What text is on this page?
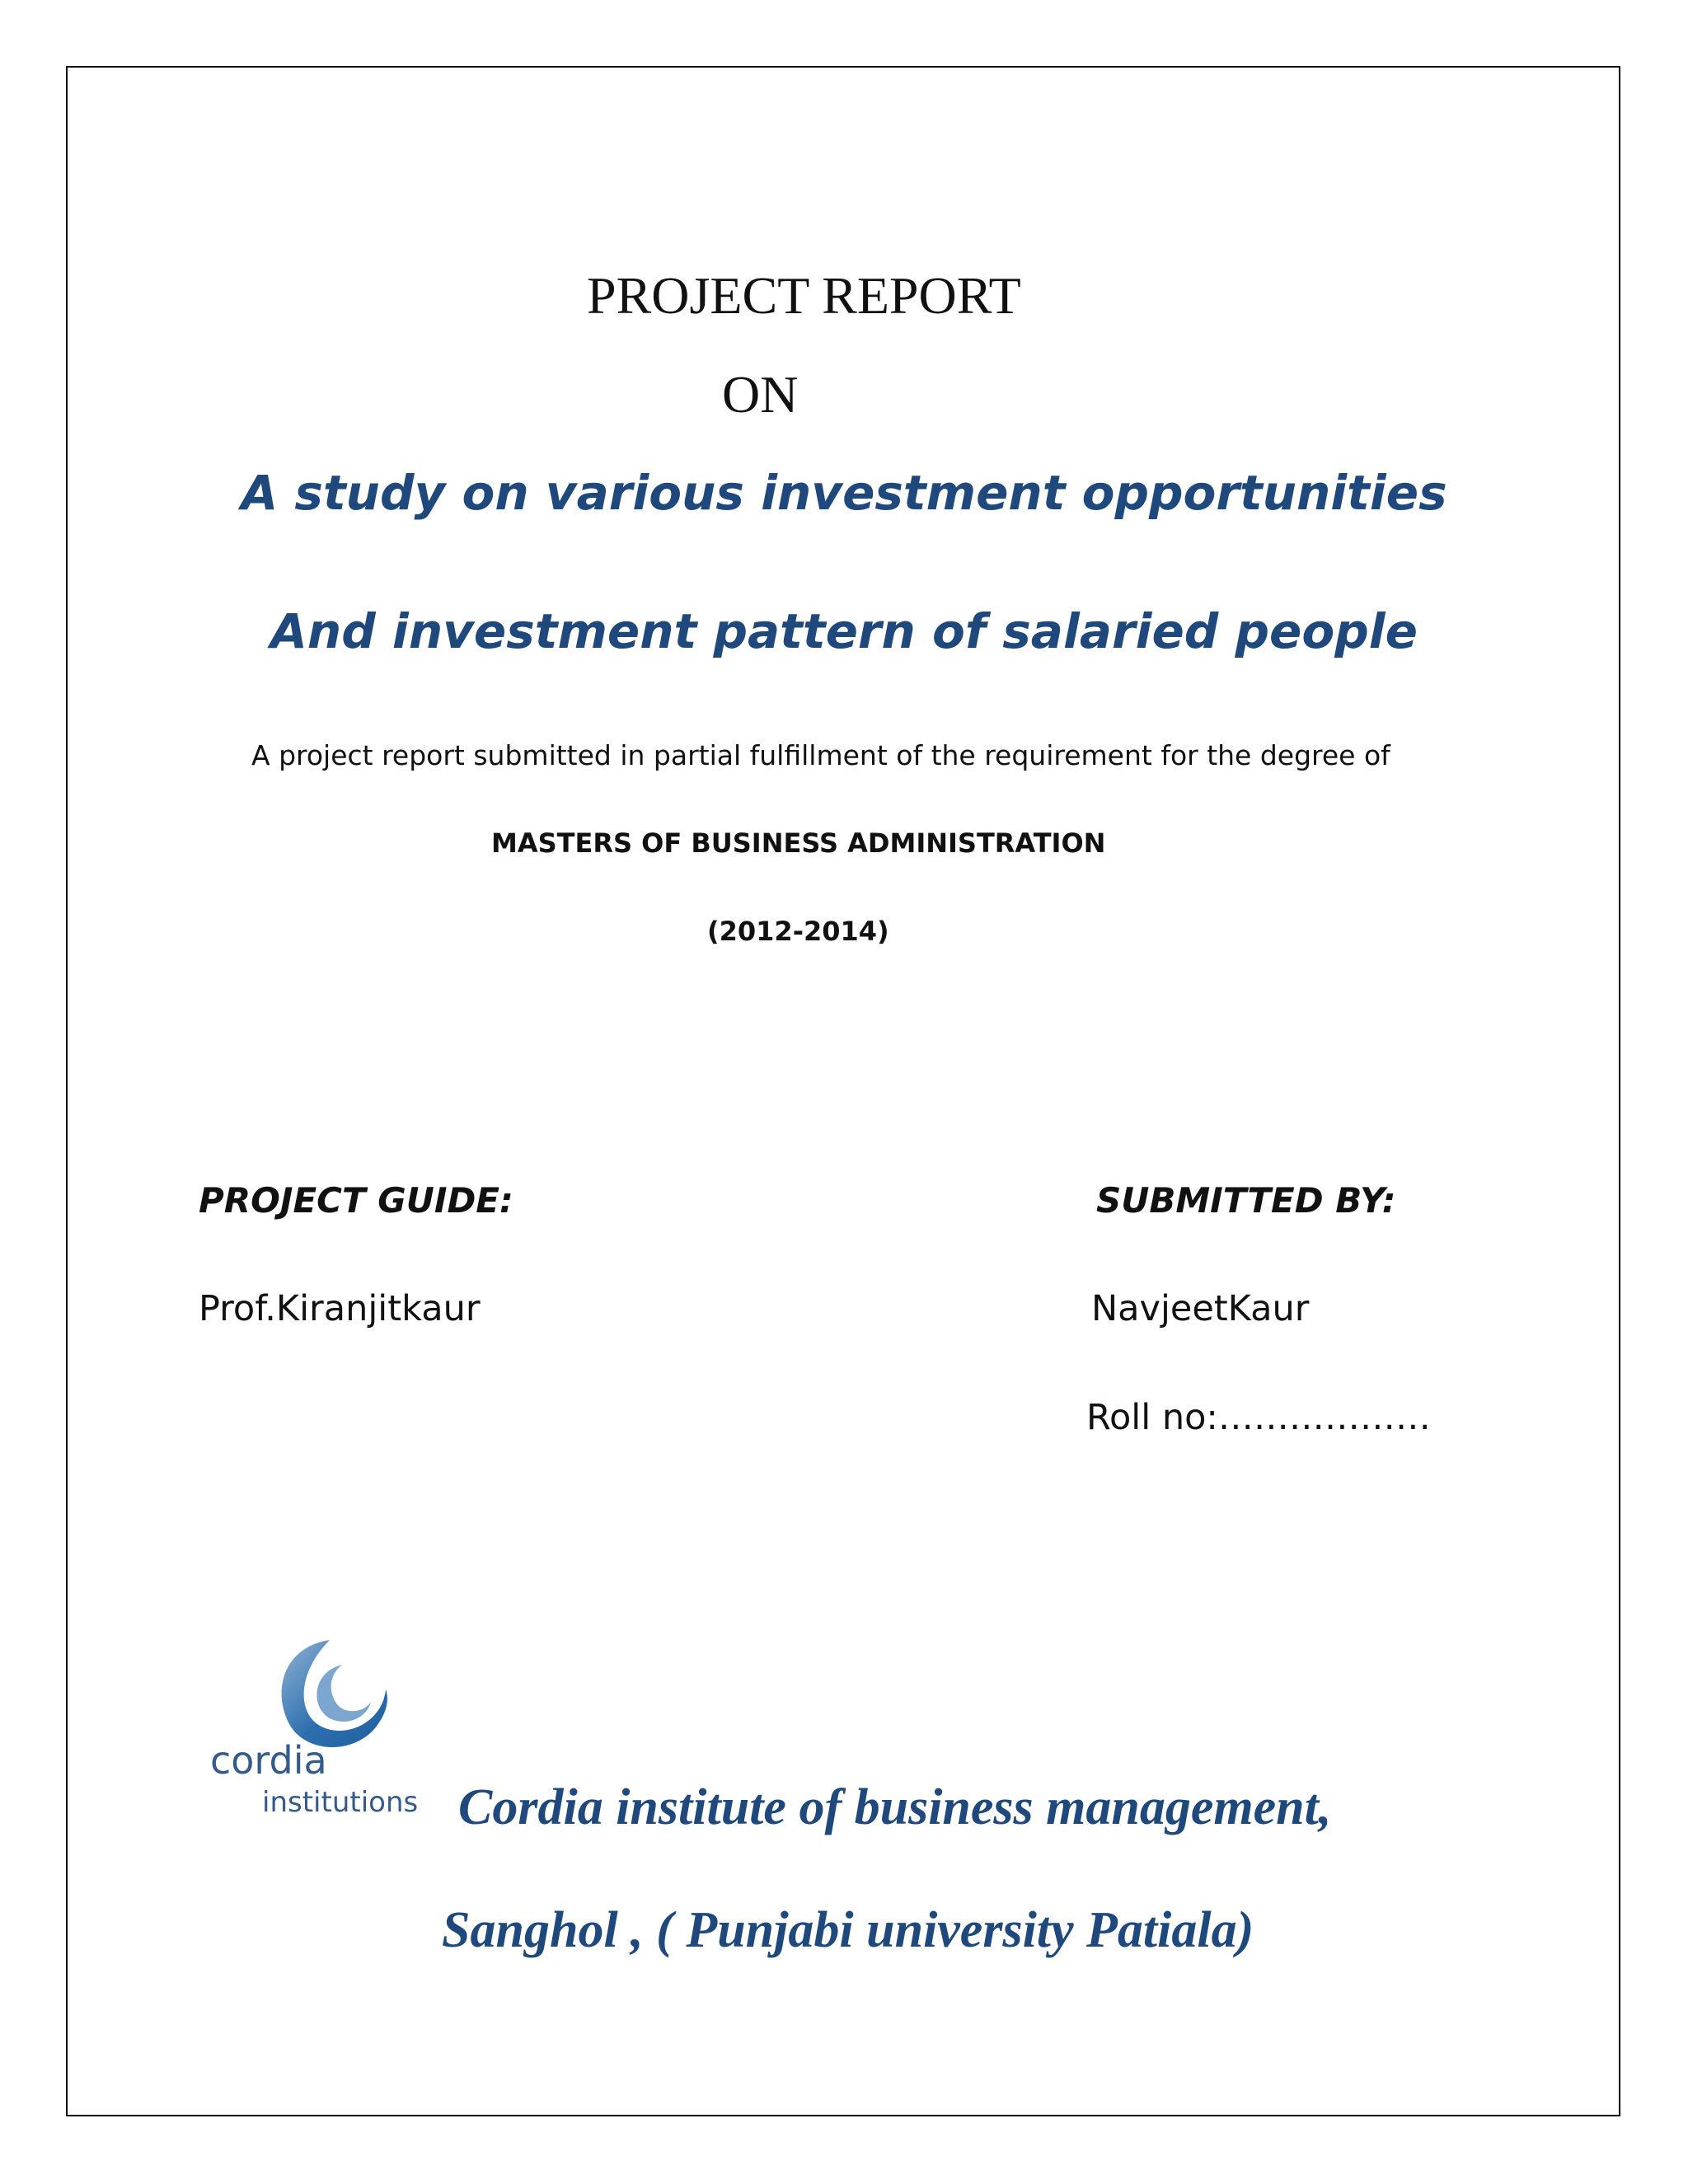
PROJECT REPORT
ON
A study on various investment opportunities
And investment pattern of salaried people
A project report submitted in partial fulfillment of the requirement for the degree of
MASTERS OF BUSINESS ADMINISTRATION
(2012-2014)
PROJECT GUIDE:
Prof.Kiranjitkaur
SUBMITTED BY:
NavjeetKaur
Roll no:………………
cordia
institutions Cordia institute of business management,
Sanghol , ( Punjabi university Patiala)
